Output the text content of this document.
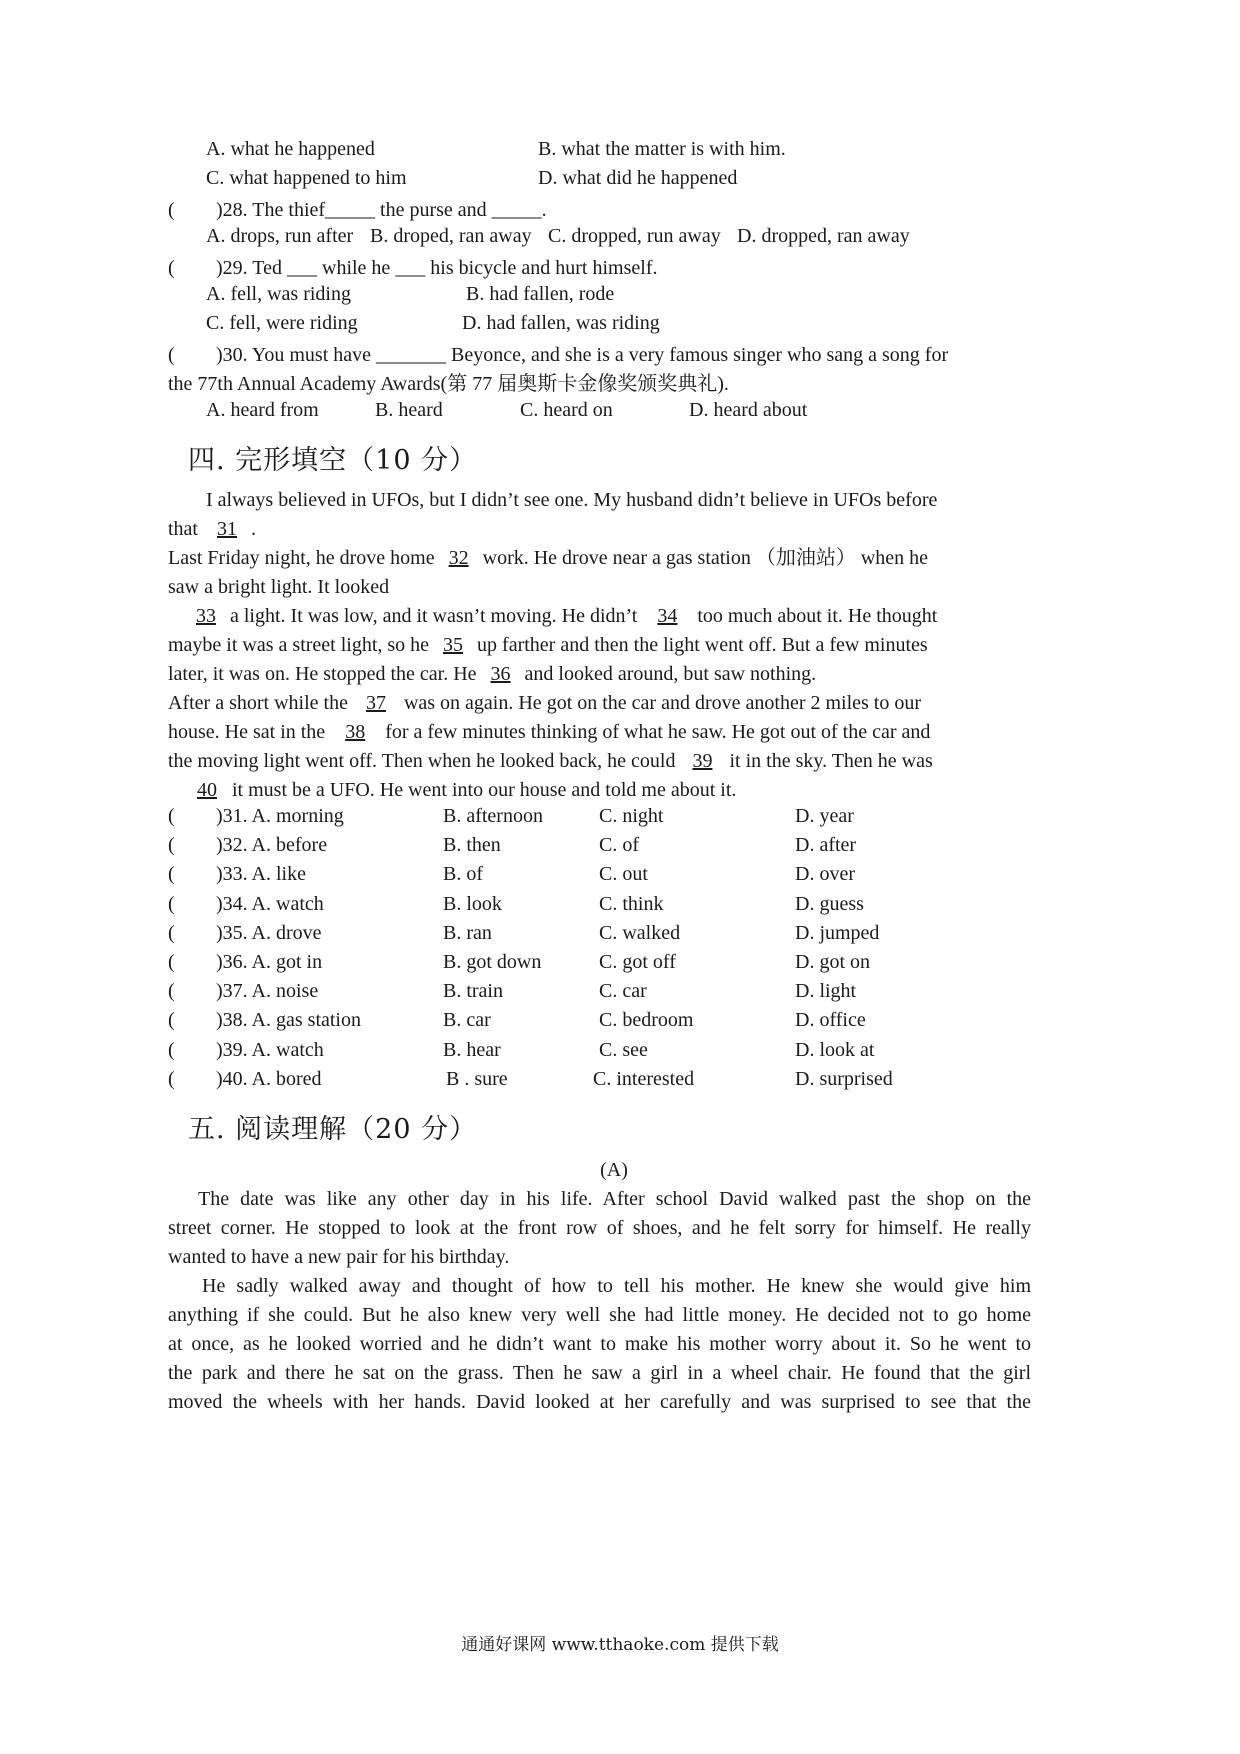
A. what he happened	B. what the matter is with him.
C. what happened to him	D. what did he happened
( )28. The thief_____ the purse and _____.
A. drops, run after B. droped, ran away C. dropped, run away D. dropped, ran away
( )29. Ted ___ while he ___ his bicycle and hurt himself.
A. fell, was riding	B. had fallen, rode
C. fell, were riding	D. had fallen, was riding
( )30. You must have _______ Beyonce, and she is a very famous singer who sang a song for
the 77th Annual Academy Awards(第 77 届奥斯卡金像奖颁奖典礼).
A. heard from	B. heard	C. heard on	D. heard about
四. 完形填空（10 分）
I always believed in UFOs, but I didn’t see one. My husband didn’t believe in UFOs before
that 31 .
Last Friday night, he drove home 32 work. He drove near a gas station （加油站） when he
saw a bright light. It looked
33 a light. It was low, and it wasn’t moving. He didn’t 34 too much about it. He thought
maybe it was a street light, so he 35 up farther and then the light went off. But a few minutes
later, it was on. He stopped the car. He 36 and looked around, but saw nothing.
After a short while the 37 was on again. He got on the car and drove another 2 miles to our
house. He sat in the 38 for a few minutes thinking of what he saw. He got out of the car and
the moving light went off. Then when he looked back, he could 39 it in the sky. Then he was
40 it must be a UFO. He went into our house and told me about it.
( )31. A. morning	B. afternoon	C. night	D. year
( )32. A. before	B. then	C. of	D. after
( )33. A. like	B. of	C. out	D. over
( )34. A. watch	B. look	C. think	D. guess
( )35. A. drove	B. ran	C. walked	D. jumped
( )36. A. got in	B. got down	C. got off	D. got on
( )37. A. noise	B. train	C. car	D. light
( )38. A. gas station	B. car	C. bedroom	D. office
( )39. A. watch	B. hear	C. see	D. look at
( )40. A. bored	B . sure	C. interested	D. surprised
五. 阅读理解（20 分）
(A)
The date was like any other day in his life. After school David walked past the shop on the
street corner. He stopped to look at the front row of shoes, and he felt sorry for himself. He really
wanted to have a new pair for his birthday.
He sadly walked away and thought of how to tell his mother. He knew she would give him
anything if she could. But he also knew very well she had little money. He decided not to go home
at once, as he looked worried and he didn’t want to make his mother worry about it. So he went to
the park and there he sat on the grass. Then he saw a girl in a wheel chair. He found that the girl
moved the wheels with her hands. David looked at her carefully and was surprised to see that the
通通好课网 www.tthaoke.com 提供下载
